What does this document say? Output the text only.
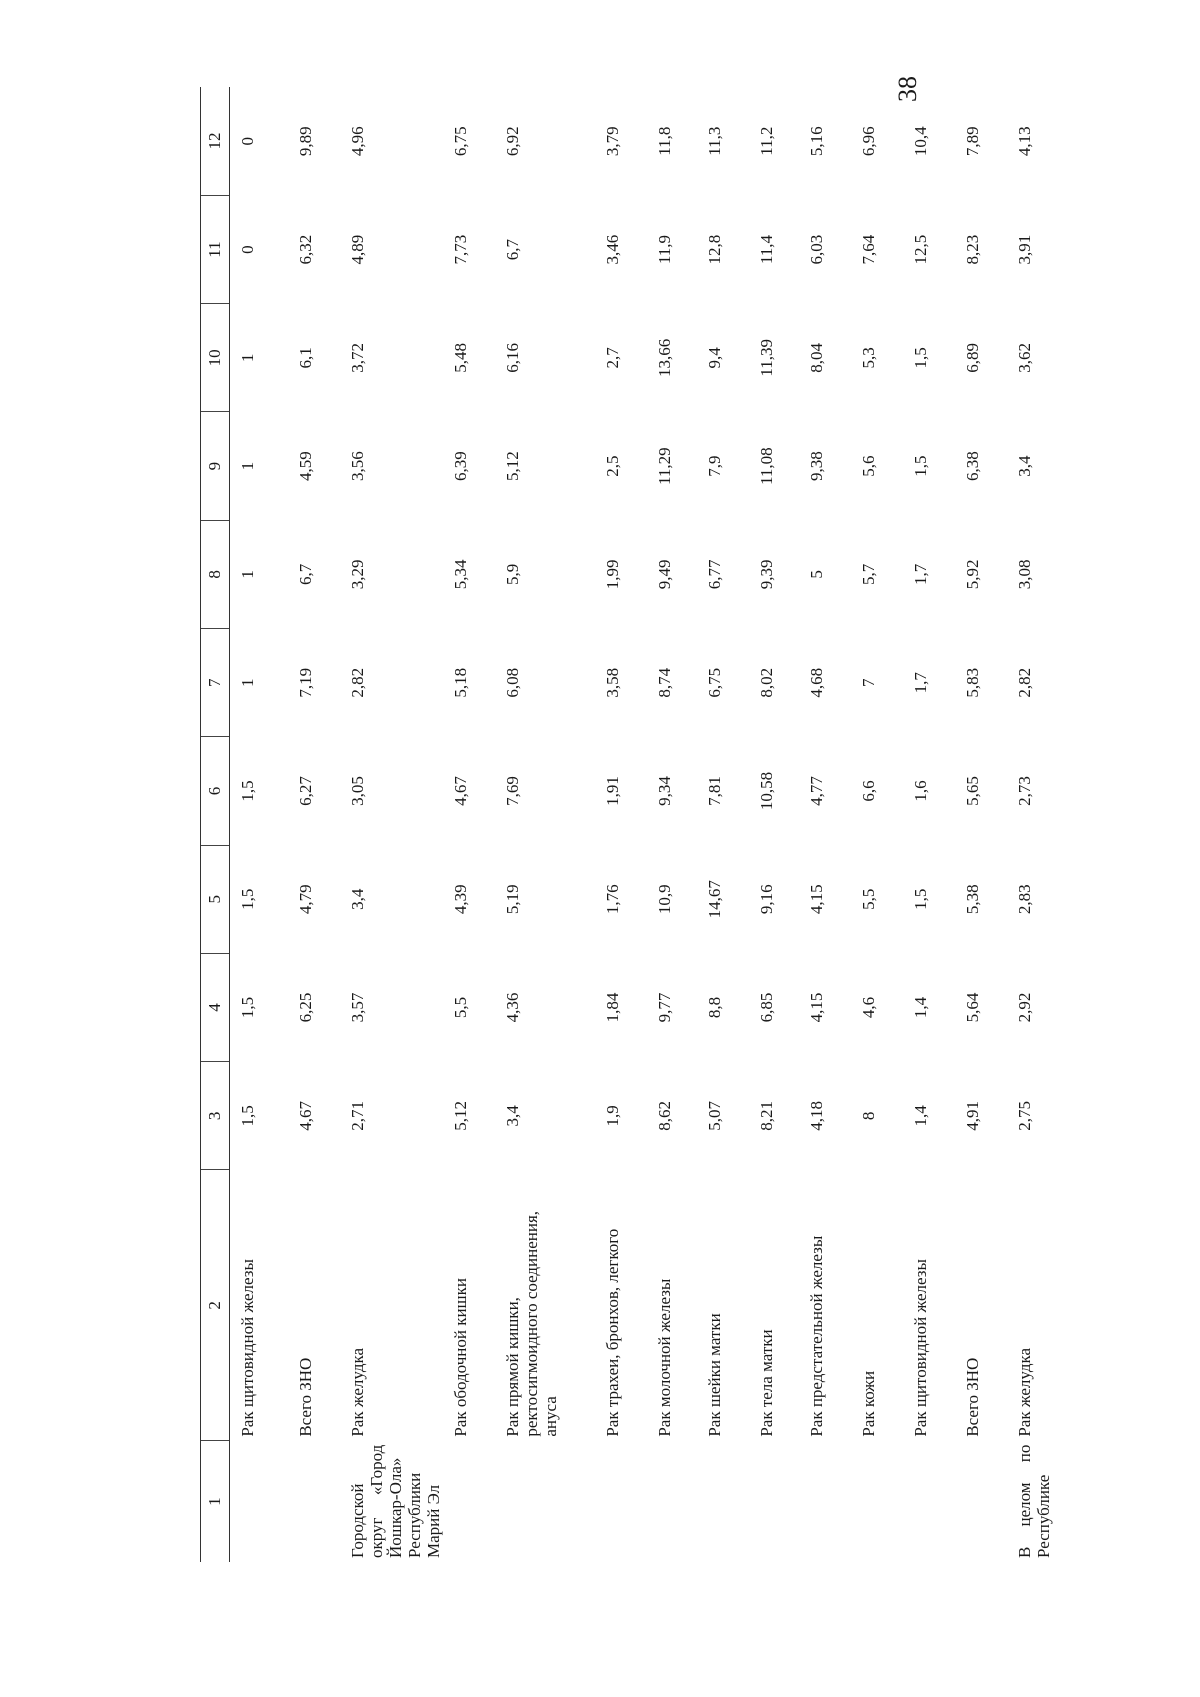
38
1	2	3	4	5	6	7	8	9	10	11	12

	Рак щитовидной железы	1,5	1,5	1,5	1,5	1	1	1	1	0	0

	Всего ЗНО	4,67	6,25	4,79	6,27	7,19	6,7	4,59	6,1	6,32	9,89

Городской округ «Город Йошкар-Ола» Республики Марий Эл	Рак желудка	2,71	3,57	3,4	3,05	2,82	3,29	3,56	3,72	4,89	4,96

	Рак ободочной кишки	5,12	5,5	4,39	4,67	5,18	5,34	6,39	5,48	7,73	6,75

	Рак прямой кишки, ректосигмоидного соединения, ануса	3,4	4,36	5,19	7,69	6,08	5,9	5,12	6,16	6,7	6,92

	Рак трахеи, бронхов, легкого	1,9	1,84	1,76	1,91	3,58	1,99	2,5	2,7	3,46	3,79

	Рак молочной железы	8,62	9,77	10,9	9,34	8,74	9,49	11,29	13,66	11,9	11,8

	Рак шейки матки	5,07	8,8	14,67	7,81	6,75	6,77	7,9	9,4	12,8	11,3

	Рак тела матки	8,21	6,85	9,16	10,58	8,02	9,39	11,08	11,39	11,4	11,2

	Рак предстательной железы	4,18	4,15	4,15	4,77	4,68	5	9,38	8,04	6,03	5,16

	Рак кожи	8	4,6	5,5	6,6	7	5,7	5,6	5,3	7,64	6,96

	Рак щитовидной железы	1,4	1,4	1,5	1,6	1,7	1,7	1,5	1,5	12,5	10,4

	Всего ЗНО	4,91	5,64	5,38	5,65	5,83	5,92	6,38	6,89	8,23	7,89

В целом по Республике	Рак желудка	2,75	2,92	2,83	2,73	2,82	3,08	3,4	3,62	3,91	4,13
